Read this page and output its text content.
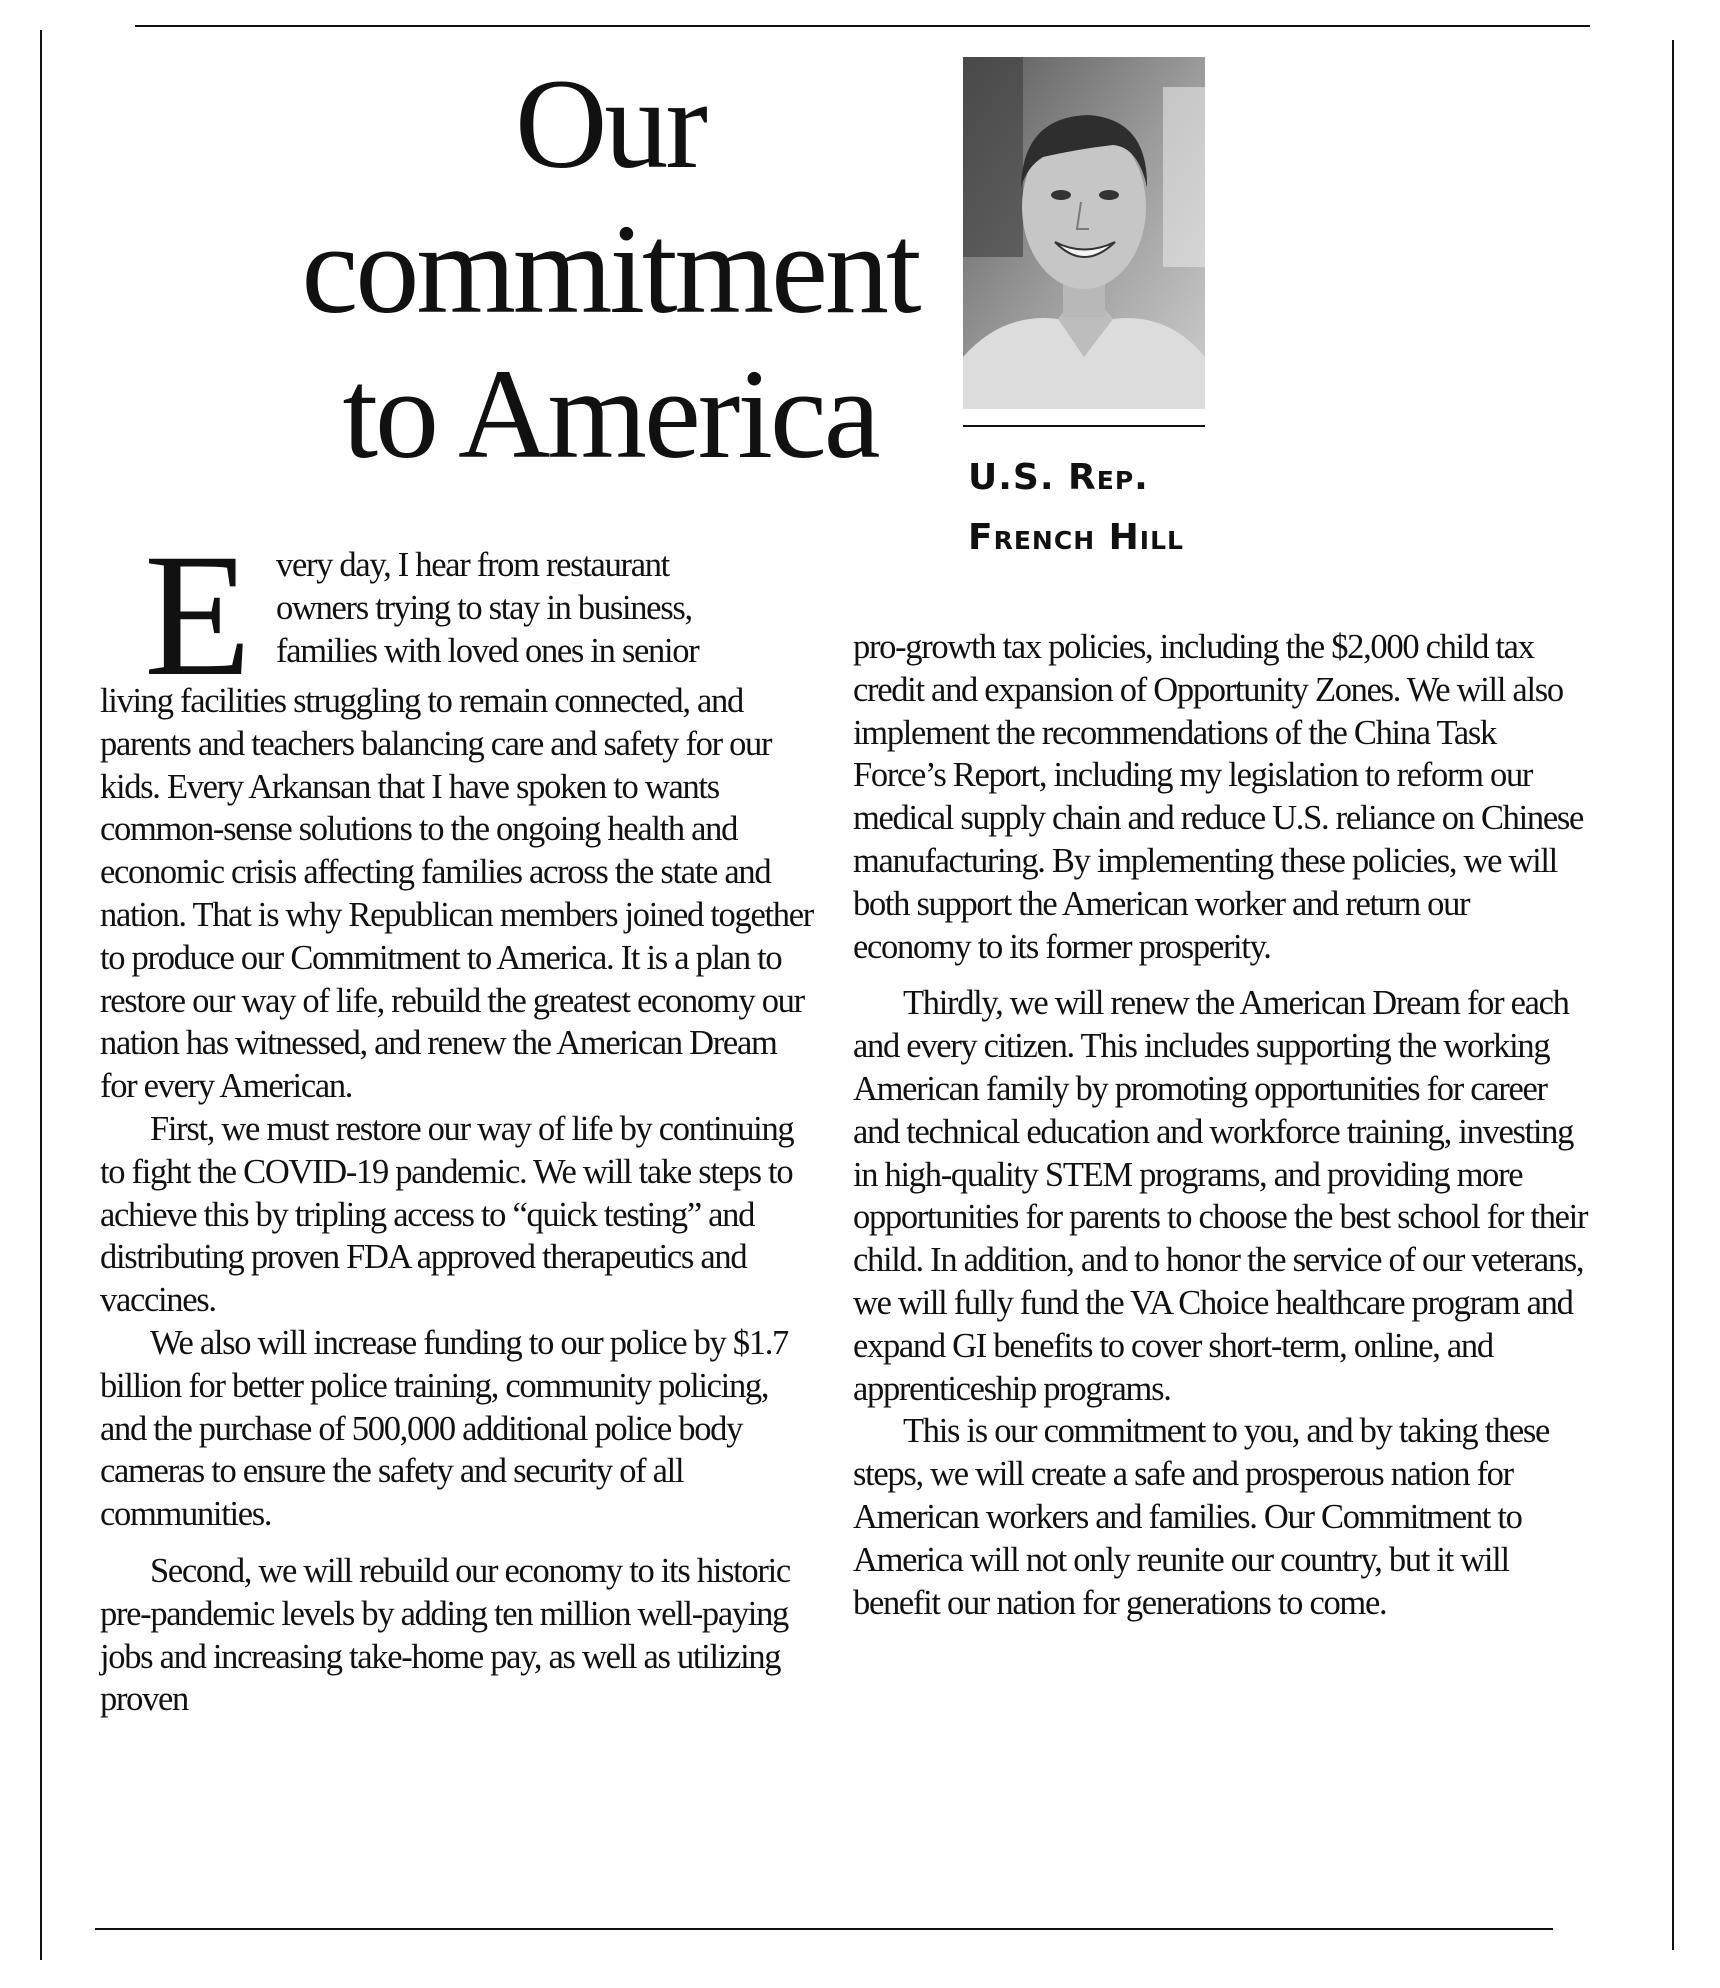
Our
commitment
to America	U.S. Rep.
French Hill
E very day, I hear from restaurant

owners trying to stay in business,

families with loved ones in senior

living facilities struggling to remain connected, and parents and teachers balancing care and safety for our kids. Every Arkansan that I have spoken to wants common-sense solutions to the ongoing health and economic crisis affecting families across the state and nation. That is why Republican members joined together to produce our Commitment to America. It is a plan to restore our way of life, rebuild the greatest economy our nation has witnessed, and renew the American Dream for every American.

First, we must restore our way of life by continuing to fight the COVID-19 pandemic. We will take steps to achieve this by tripling access to “quick testing” and distributing proven FDA approved therapeutics and vaccines.

We also will increase funding to our police by $1.7 billion for better police training, community policing, and the purchase of 500,000 additional police body cameras to ensure the safety and security of all communities.

Second, we will rebuild our economy to its historic pre-pandemic levels by adding ten million well-paying jobs and increasing take-home pay, as well as utilizing proven

pro-growth tax policies, including the $2,000 child tax credit and expansion of Opportunity Zones. We will also implement the recommendations of the China Task Force’s Report, including my legislation to reform our medical supply chain and reduce U.S. reliance on Chinese manufacturing. By implementing these policies, we will both support the American worker and return our economy to its former prosperity.

Thirdly, we will renew the American Dream for each and every citizen. This includes supporting the working American family by promoting opportunities for career and technical education and workforce training, investing in high-quality STEM programs, and providing more opportunities for parents to choose the best school for their child. In addition, and to honor the service of our veterans, we will fully fund the VA Choice healthcare program and expand GI benefits to cover short-term, online, and apprenticeship programs.

This is our commitment to you, and by taking these steps, we will create a safe and prosperous nation for American workers and families. Our Commitment to America will not only reunite our country, but it will benefit our nation for generations to come.
